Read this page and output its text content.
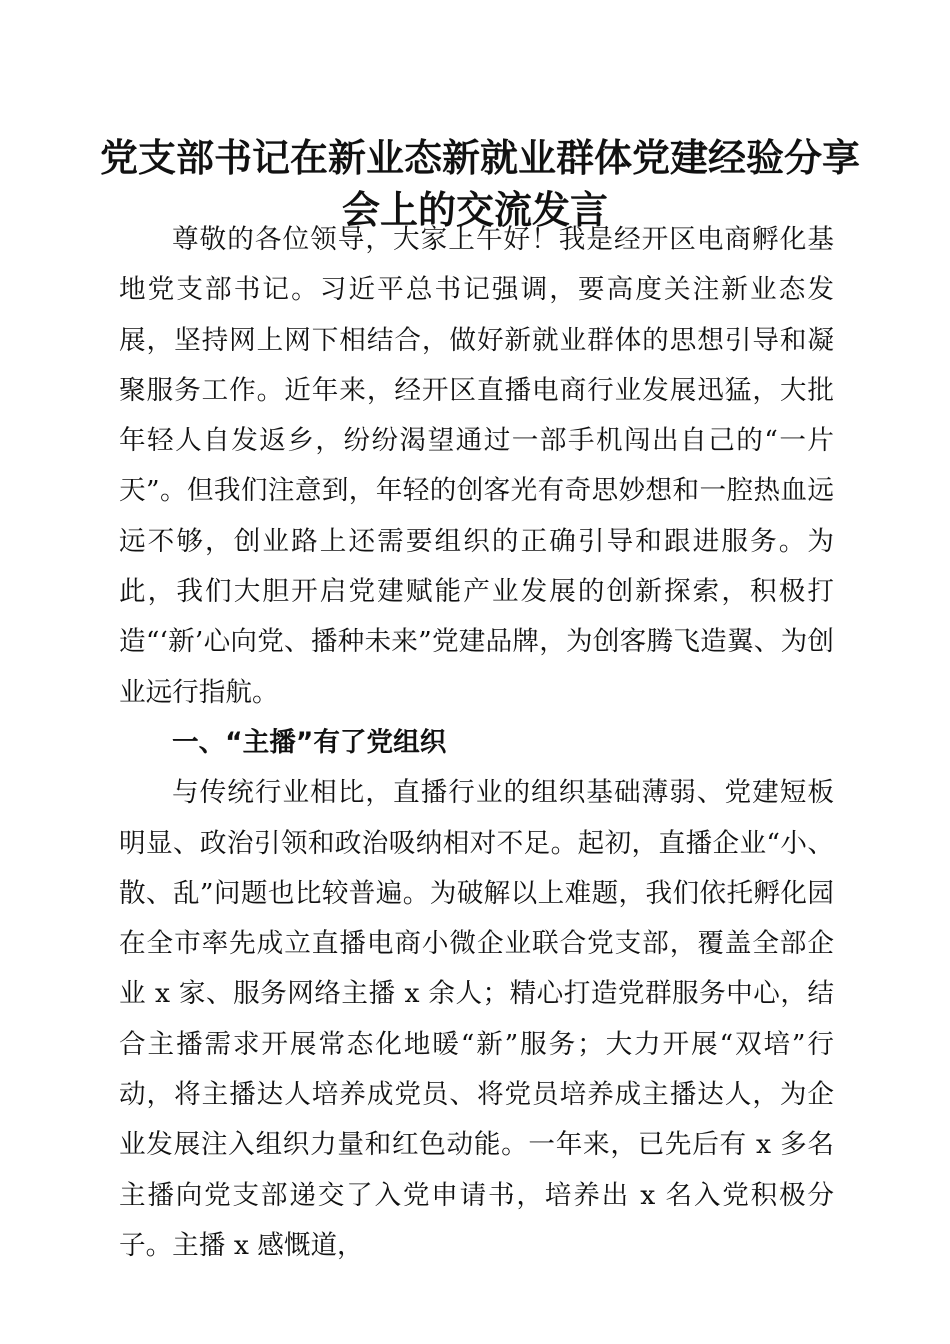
党支部书记在新业态新就业群体党建经验分享
会上的交流发言

尊敬的各位领导，大家上午好！我是经开区电商孵化基地党支部书记。习近平总书记强调，要高度关注新业态发展，坚持网上网下相结合，做好新就业群体的思想引导和凝聚服务工作。近年来，经开区直播电商行业发展迅猛，大批年轻人自发返乡，纷纷渴望通过一部手机闯出自己的“一片天”。但我们注意到，年轻的创客光有奇思妙想和一腔热血远远不够，创业路上还需要组织的正确引导和跟进服务。为此，我们大胆开启党建赋能产业发展的创新探索，积极打造“‘新’心向党、播种未来”党建品牌，为创客腾飞造翼、为创业远行指航。

一、“主播”有了党组织

与传统行业相比，直播行业的组织基础薄弱、党建短板明显、政治引领和政治吸纳相对不足。起初，直播企业“小、散、乱”问题也比较普遍。为破解以上难题，我们依托孵化园在全市率先成立直播电商小微企业联合党支部，覆盖全部企业 x 家、服务网络主播 x 余人；精心打造党群服务中心，结合主播需求开展常态化地暖“新”服务；大力开展“双培”行动，将主播达人培养成党员、将党员培养成主播达人，为企业发展注入组织力量和红色动能。一年来，已先后有 x 多名主播向党支部递交了入党申请书，培养出 x 名入党积极分子。主播 x 感慨道，
